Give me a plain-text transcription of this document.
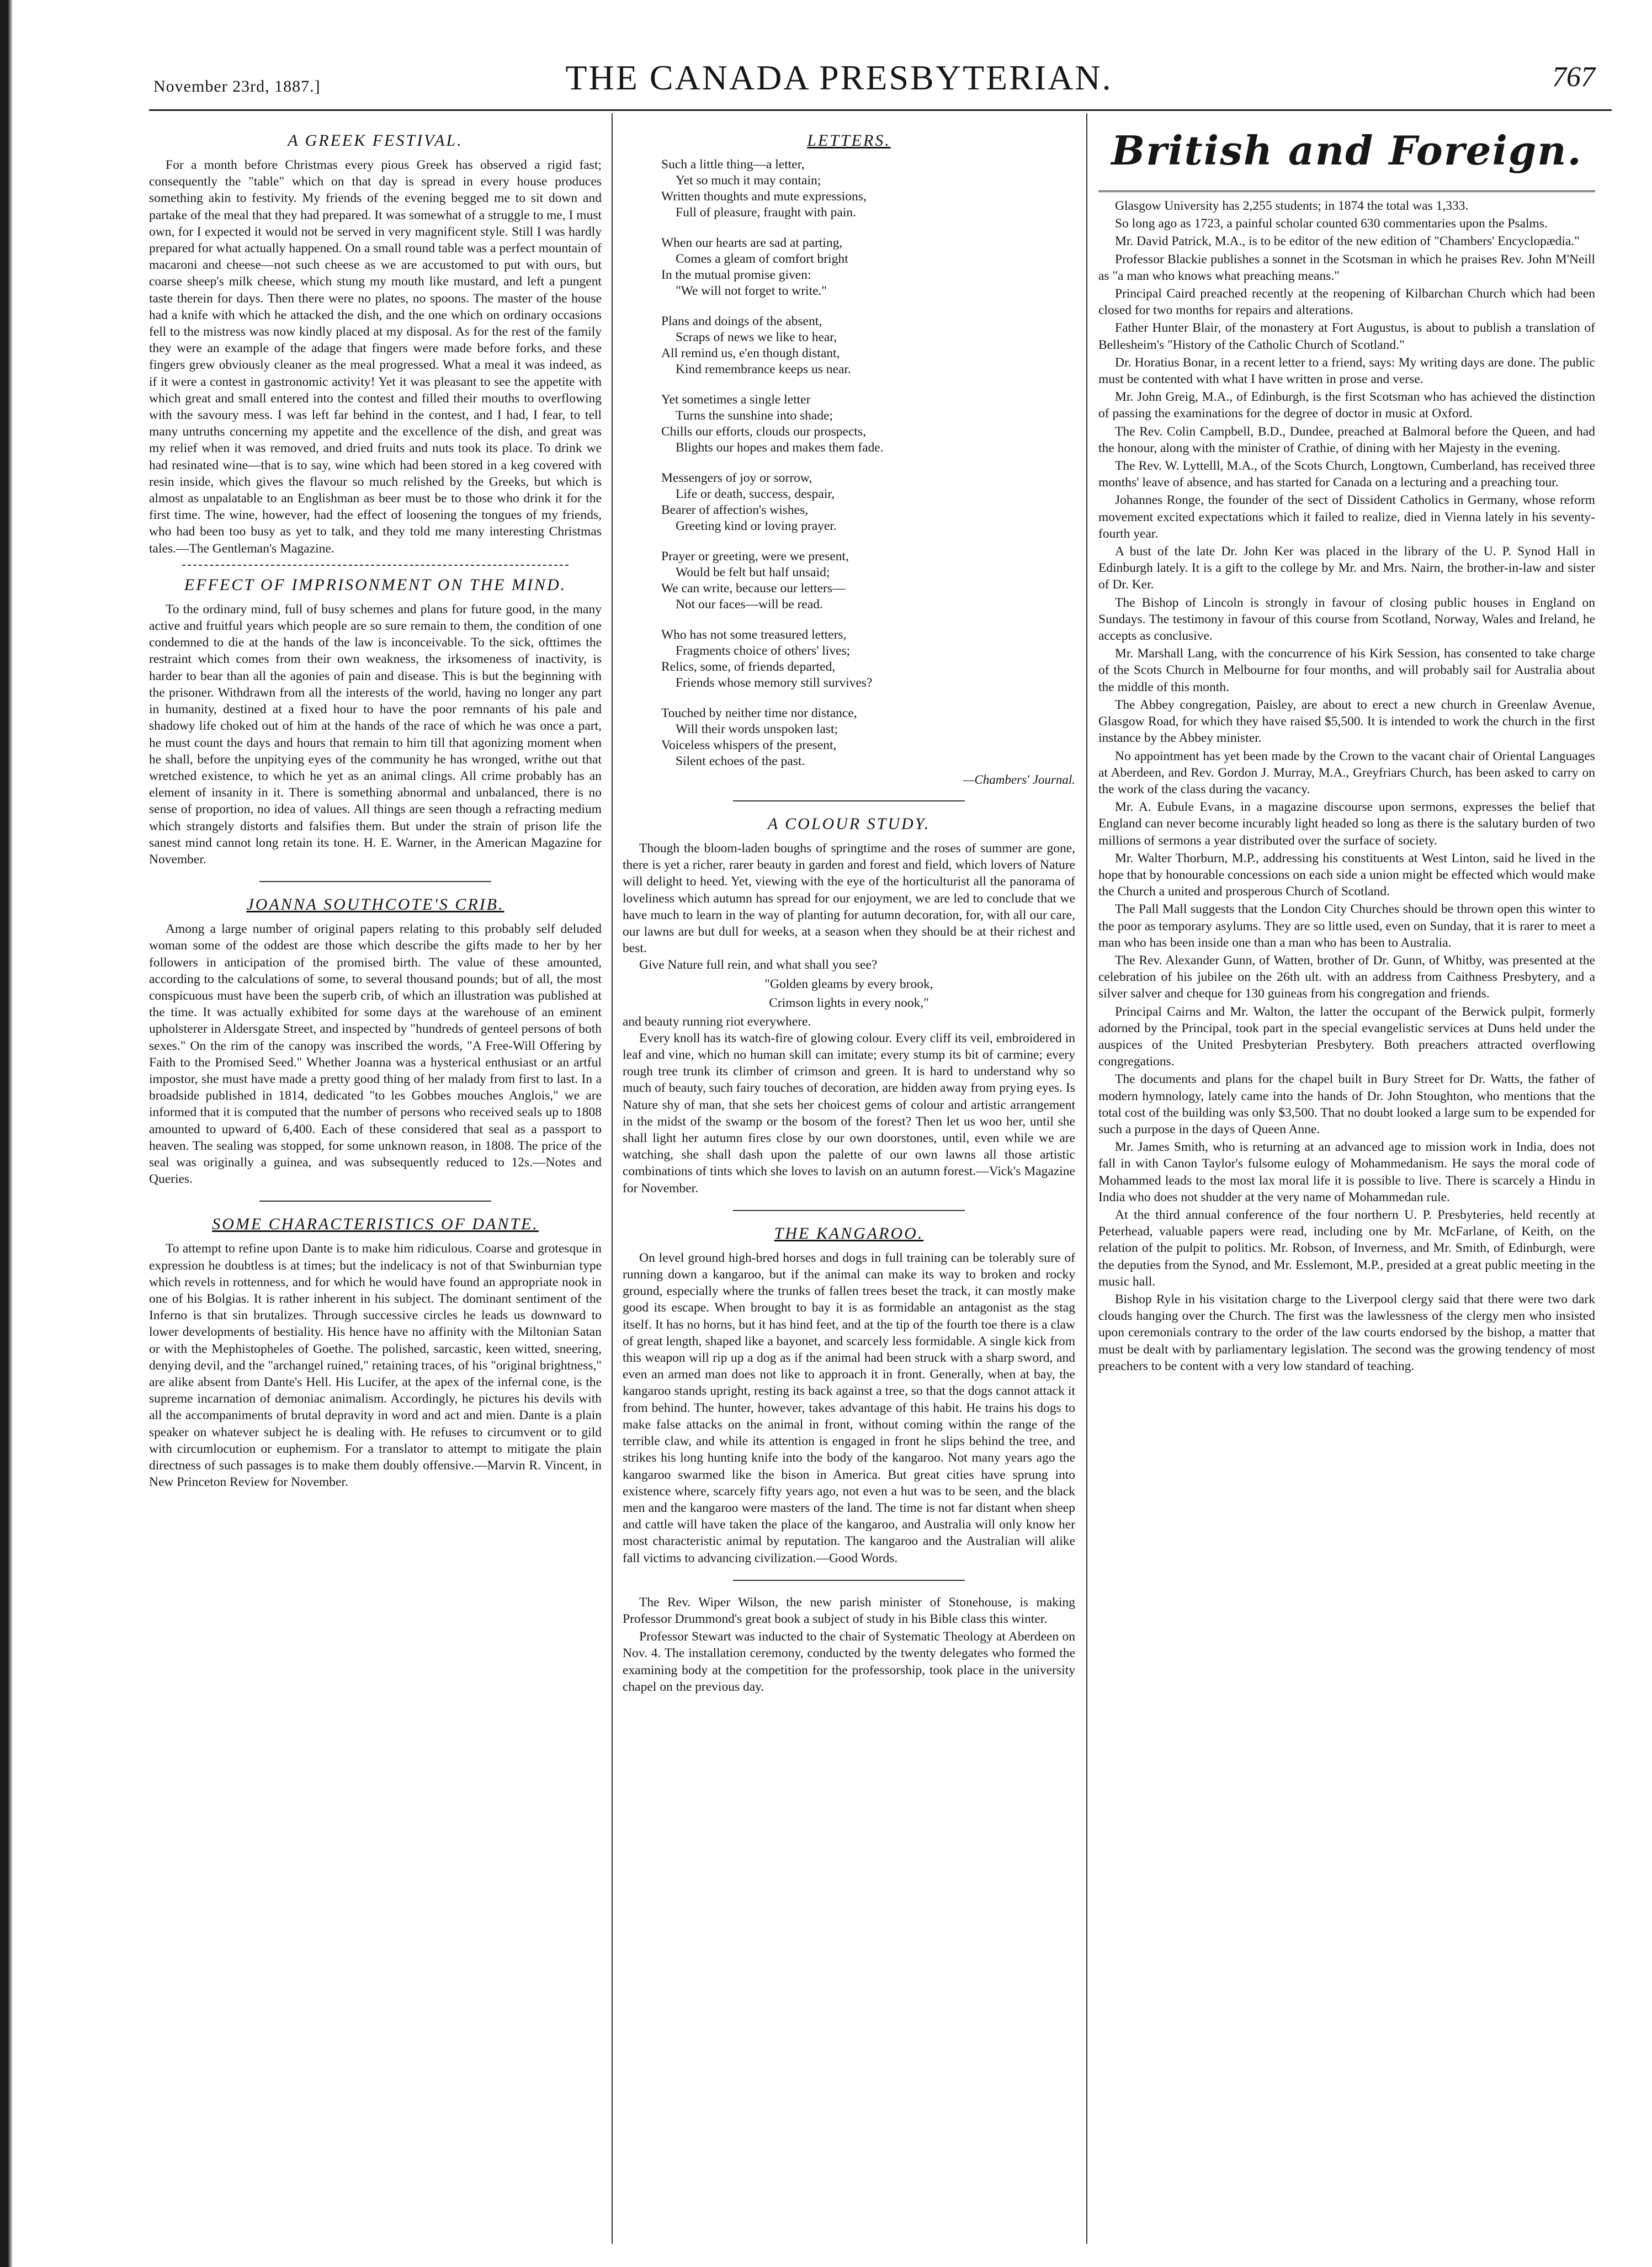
November 23rd, 1887.]	THE CANADA PRESBYTERIAN.	767
A GREEK FESTIVAL.

For a month before Christmas every pious Greek has observed a rigid fast; consequently the "table" which on that day is spread in every house produces something akin to festivity. My friends of the evening begged me to sit down and partake of the meal that they had prepared. It was somewhat of a struggle to me, I must own, for I expected it would not be served in very magnificent style. Still I was hardly prepared for what actually happened. On a small round table was a perfect mountain of macaroni and cheese—not such cheese as we are accustomed to put with ours, but coarse sheep's milk cheese, which stung my mouth like mustard, and left a pungent taste therein for days. Then there were no plates, no spoons. The master of the house had a knife with which he attacked the dish, and the one which on ordinary occasions fell to the mistress was now kindly placed at my disposal. As for the rest of the family they were an example of the adage that fingers were made before forks, and these fingers grew obviously cleaner as the meal progressed. What a meal it was indeed, as if it were a contest in gastronomic activity! Yet it was pleasant to see the appetite with which great and small entered into the contest and filled their mouths to overflowing with the savoury mess. I was left far behind in the contest, and I had, I fear, to tell many untruths concerning my appetite and the excellence of the dish, and great was my relief when it was removed, and dried fruits and nuts took its place. To drink we had resinated wine—that is to say, wine which had been stored in a keg covered with resin inside, which gives the flavour so much relished by the Greeks, but which is almost as unpalatable to an Englishman as beer must be to those who drink it for the first time. The wine, however, had the effect of loosening the tongues of my friends, who had been too busy as yet to talk, and they told me many interesting Christmas tales.—The Gentleman's Magazine.

EFFECT OF IMPRISONMENT ON THE MIND.

To the ordinary mind, full of busy schemes and plans for future good, in the many active and fruitful years which people are so sure remain to them, the condition of one condemned to die at the hands of the law is inconceivable. To the sick, ofttimes the restraint which comes from their own weakness, the irksomeness of inactivity, is harder to bear than all the agonies of pain and disease. This is but the beginning with the prisoner. Withdrawn from all the interests of the world, having no longer any part in humanity, destined at a fixed hour to have the poor remnants of his pale and shadowy life choked out of him at the hands of the race of which he was once a part, he must count the days and hours that remain to him till that agonizing moment when he shall, before the unpitying eyes of the community he has wronged, writhe out that wretched existence, to which he yet as an animal clings. All crime probably has an element of insanity in it. There is something abnormal and unbalanced, there is no sense of proportion, no idea of values. All things are seen though a refracting medium which strangely distorts and falsifies them. But under the strain of prison life the sanest mind cannot long retain its tone. H. E. Warner, in the American Magazine for November.

JOANNA SOUTHCOTE'S CRIB.

Among a large number of original papers relating to this probably self deluded woman some of the oddest are those which describe the gifts made to her by her followers in anticipation of the promised birth. The value of these amounted, according to the calculations of some, to several thousand pounds; but of all, the most conspicuous must have been the superb crib, of which an illustration was published at the time. It was actually exhibited for some days at the warehouse of an eminent upholsterer in Aldersgate Street, and inspected by "hundreds of genteel persons of both sexes." On the rim of the canopy was inscribed the words, "A Free-Will Offering by Faith to the Promised Seed." Whether Joanna was a hysterical enthusiast or an artful impostor, she must have made a pretty good thing of her malady from first to last. In a broadside published in 1814, dedicated "to les Gobbes mouches Anglois," we are informed that it is computed that the number of persons who received seals up to 1808 amounted to upward of 6,400. Each of these considered that seal as a passport to heaven. The sealing was stopped, for some unknown reason, in 1808. The price of the seal was originally a guinea, and was subsequently reduced to 12s.—Notes and Queries.

SOME CHARACTERISTICS OF DANTE.

To attempt to refine upon Dante is to make him ridiculous. Coarse and grotesque in expression he doubtless is at times; but the indelicacy is not of that Swinburnian type which revels in rottenness, and for which he would have found an appropriate nook in one of his Bolgias. It is rather inherent in his subject. The dominant sentiment of the Inferno is that sin brutalizes. Through successive circles he leads us downward to lower developments of bestiality. His hence have no affinity with the Miltonian Satan or with the Mephistopheles of Goethe. The polished, sarcastic, keen witted, sneering, denying devil, and the "archangel ruined," retaining traces, of his "original brightness," are alike absent from Dante's Hell. His Lucifer, at the apex of the infernal cone, is the supreme incarnation of demoniac animalism. Accordingly, he pictures his devils with all the accompaniments of brutal depravity in word and act and mien. Dante is a plain speaker on whatever subject he is dealing with. He refuses to circumvent or to gild with circumlocution or euphemism. For a translator to attempt to mitigate the plain directness of such passages is to make them doubly offensive.—Marvin R. Vincent, in New Princeton Review for November.

LETTERS.
Such a little thing—a letter,
Yet so much it may contain;
Written thoughts and mute expressions,
Full of pleasure, fraught with pain.
When our hearts are sad at parting,
Comes a gleam of comfort bright
In the mutual promise given:
"We will not forget to write."
Plans and doings of the absent,
Scraps of news we like to hear,
All remind us, e'en though distant,
Kind remembrance keeps us near.
Yet sometimes a single letter
Turns the sunshine into shade;
Chills our efforts, clouds our prospects,
Blights our hopes and makes them fade.
Messengers of joy or sorrow,
Life or death, success, despair,
Bearer of affection's wishes,
Greeting kind or loving prayer.
Prayer or greeting, were we present,
Would be felt but half unsaid;
We can write, because our letters—
Not our faces—will be read.
Who has not some treasured letters,
Fragments choice of others' lives;
Relics, some, of friends departed,
Friends whose memory still survives?
Touched by neither time nor distance,
Will their words unspoken last;
Voiceless whispers of the present,
Silent echoes of the past.

—Chambers' Journal.

A COLOUR STUDY.

Though the bloom-laden boughs of springtime and the roses of summer are gone, there is yet a richer, rarer beauty in garden and forest and field, which lovers of Nature will delight to heed. Yet, viewing with the eye of the horticulturist all the panorama of loveliness which autumn has spread for our enjoyment, we are led to conclude that we have much to learn in the way of planting for autumn decoration, for, with all our care, our lawns are but dull for weeks, at a season when they should be at their richest and best.

Give Nature full rein, and what shall you see?

"Golden gleams by every brook,

Crimson lights in every nook,"

and beauty running riot everywhere.

Every knoll has its watch-fire of glowing colour. Every cliff its veil, embroidered in leaf and vine, which no human skill can imitate; every stump its bit of carmine; every rough tree trunk its climber of crimson and green. It is hard to understand why so much of beauty, such fairy touches of decoration, are hidden away from prying eyes. Is Nature shy of man, that she sets her choicest gems of colour and artistic arrangement in the midst of the swamp or the bosom of the forest? Then let us woo her, until she shall light her autumn fires close by our own doorstones, until, even while we are watching, she shall dash upon the palette of our own lawns all those artistic combinations of tints which she loves to lavish on an autumn forest.—Vick's Magazine for November.

THE KANGAROO.

On level ground high-bred horses and dogs in full training can be tolerably sure of running down a kangaroo, but if the animal can make its way to broken and rocky ground, especially where the trunks of fallen trees beset the track, it can mostly make good its escape. When brought to bay it is as formidable an antagonist as the stag itself. It has no horns, but it has hind feet, and at the tip of the fourth toe there is a claw of great length, shaped like a bayonet, and scarcely less formidable. A single kick from this weapon will rip up a dog as if the animal had been struck with a sharp sword, and even an armed man does not like to approach it in front. Generally, when at bay, the kangaroo stands upright, resting its back against a tree, so that the dogs cannot attack it from behind. The hunter, however, takes advantage of this habit. He trains his dogs to make false attacks on the animal in front, without coming within the range of the terrible claw, and while its attention is engaged in front he slips behind the tree, and strikes his long hunting knife into the body of the kangaroo. Not many years ago the kangaroo swarmed like the bison in America. But great cities have sprung into existence where, scarcely fifty years ago, not even a hut was to be seen, and the black men and the kangaroo were masters of the land. The time is not far distant when sheep and cattle will have taken the place of the kangaroo, and Australia will only know her most characteristic animal by reputation. The kangaroo and the Australian will alike fall victims to advancing civilization.—Good Words.

The Rev. Wiper Wilson, the new parish minister of Stonehouse, is making Professor Drummond's great book a subject of study in his Bible class this winter.

Professor Stewart was inducted to the chair of Systematic Theology at Aberdeen on Nov. 4. The installation ceremony, conducted by the twenty delegates who formed the examining body at the competition for the professorship, took place in the university chapel on the previous day.

British and Foreign.

Glasgow University has 2,255 students; in 1874 the total was 1,333.

So long ago as 1723, a painful scholar counted 630 commentaries upon the Psalms.

Mr. David Patrick, M.A., is to be editor of the new edition of "Chambers' Encyclopædia."

Professor Blackie publishes a sonnet in the Scotsman in which he praises Rev. John M'Neill as "a man who knows what preaching means."

Principal Caird preached recently at the reopening of Kilbarchan Church which had been closed for two months for repairs and alterations.

Father Hunter Blair, of the monastery at Fort Augustus, is about to publish a translation of Bellesheim's "History of the Catholic Church of Scotland."

Dr. Horatius Bonar, in a recent letter to a friend, says: My writing days are done. The public must be contented with what I have written in prose and verse.

Mr. John Greig, M.A., of Edinburgh, is the first Scotsman who has achieved the distinction of passing the examinations for the degree of doctor in music at Oxford.

The Rev. Colin Campbell, B.D., Dundee, preached at Balmoral before the Queen, and had the honour, along with the minister of Crathie, of dining with her Majesty in the evening.

The Rev. W. Lyttelll, M.A., of the Scots Church, Longtown, Cumberland, has received three months' leave of absence, and has started for Canada on a lecturing and a preaching tour.

Johannes Ronge, the founder of the sect of Dissident Catholics in Germany, whose reform movement excited expectations which it failed to realize, died in Vienna lately in his seventy-fourth year.

A bust of the late Dr. John Ker was placed in the library of the U. P. Synod Hall in Edinburgh lately. It is a gift to the college by Mr. and Mrs. Nairn, the brother-in-law and sister of Dr. Ker.

The Bishop of Lincoln is strongly in favour of closing public houses in England on Sundays. The testimony in favour of this course from Scotland, Norway, Wales and Ireland, he accepts as conclusive.

Mr. Marshall Lang, with the concurrence of his Kirk Session, has consented to take charge of the Scots Church in Melbourne for four months, and will probably sail for Australia about the middle of this month.

The Abbey congregation, Paisley, are about to erect a new church in Greenlaw Avenue, Glasgow Road, for which they have raised $5,500. It is intended to work the church in the first instance by the Abbey minister.

No appointment has yet been made by the Crown to the vacant chair of Oriental Languages at Aberdeen, and Rev. Gordon J. Murray, M.A., Greyfriars Church, has been asked to carry on the work of the class during the vacancy.

Mr. A. Eubule Evans, in a magazine discourse upon sermons, expresses the belief that England can never become incurably light headed so long as there is the salutary burden of two millions of sermons a year distributed over the surface of society.

Mr. Walter Thorburn, M.P., addressing his constituents at West Linton, said he lived in the hope that by honourable concessions on each side a union might be effected which would make the Church a united and prosperous Church of Scotland.

The Pall Mall suggests that the London City Churches should be thrown open this winter to the poor as temporary asylums. They are so little used, even on Sunday, that it is rarer to meet a man who has been inside one than a man who has been to Australia.

The Rev. Alexander Gunn, of Watten, brother of Dr. Gunn, of Whitby, was presented at the celebration of his jubilee on the 26th ult. with an address from Caithness Presbytery, and a silver salver and cheque for 130 guineas from his congregation and friends.

Principal Cairns and Mr. Walton, the latter the occupant of the Berwick pulpit, formerly adorned by the Principal, took part in the special evangelistic services at Duns held under the auspices of the United Presbyterian Presbytery. Both preachers attracted overflowing congregations.

The documents and plans for the chapel built in Bury Street for Dr. Watts, the father of modern hymnology, lately came into the hands of Dr. John Stoughton, who mentions that the total cost of the building was only $3,500. That no doubt looked a large sum to be expended for such a purpose in the days of Queen Anne.

Mr. James Smith, who is returning at an advanced age to mission work in India, does not fall in with Canon Taylor's fulsome eulogy of Mohammedanism. He says the moral code of Mohammed leads to the most lax moral life it is possible to live. There is scarcely a Hindu in India who does not shudder at the very name of Mohammedan rule.

At the third annual conference of the four northern U. P. Presbyteries, held recently at Peterhead, valuable papers were read, including one by Mr. McFarlane, of Keith, on the relation of the pulpit to politics. Mr. Robson, of Inverness, and Mr. Smith, of Edinburgh, were the deputies from the Synod, and Mr. Esslemont, M.P., presided at a great public meeting in the music hall.

Bishop Ryle in his visitation charge to the Liverpool clergy said that there were two dark clouds hanging over the Church. The first was the lawlessness of the clergy men who insisted upon ceremonials contrary to the order of the law courts endorsed by the bishop, a matter that must be dealt with by parliamentary legislation. The second was the growing tendency of most preachers to be content with a very low standard of teaching.
